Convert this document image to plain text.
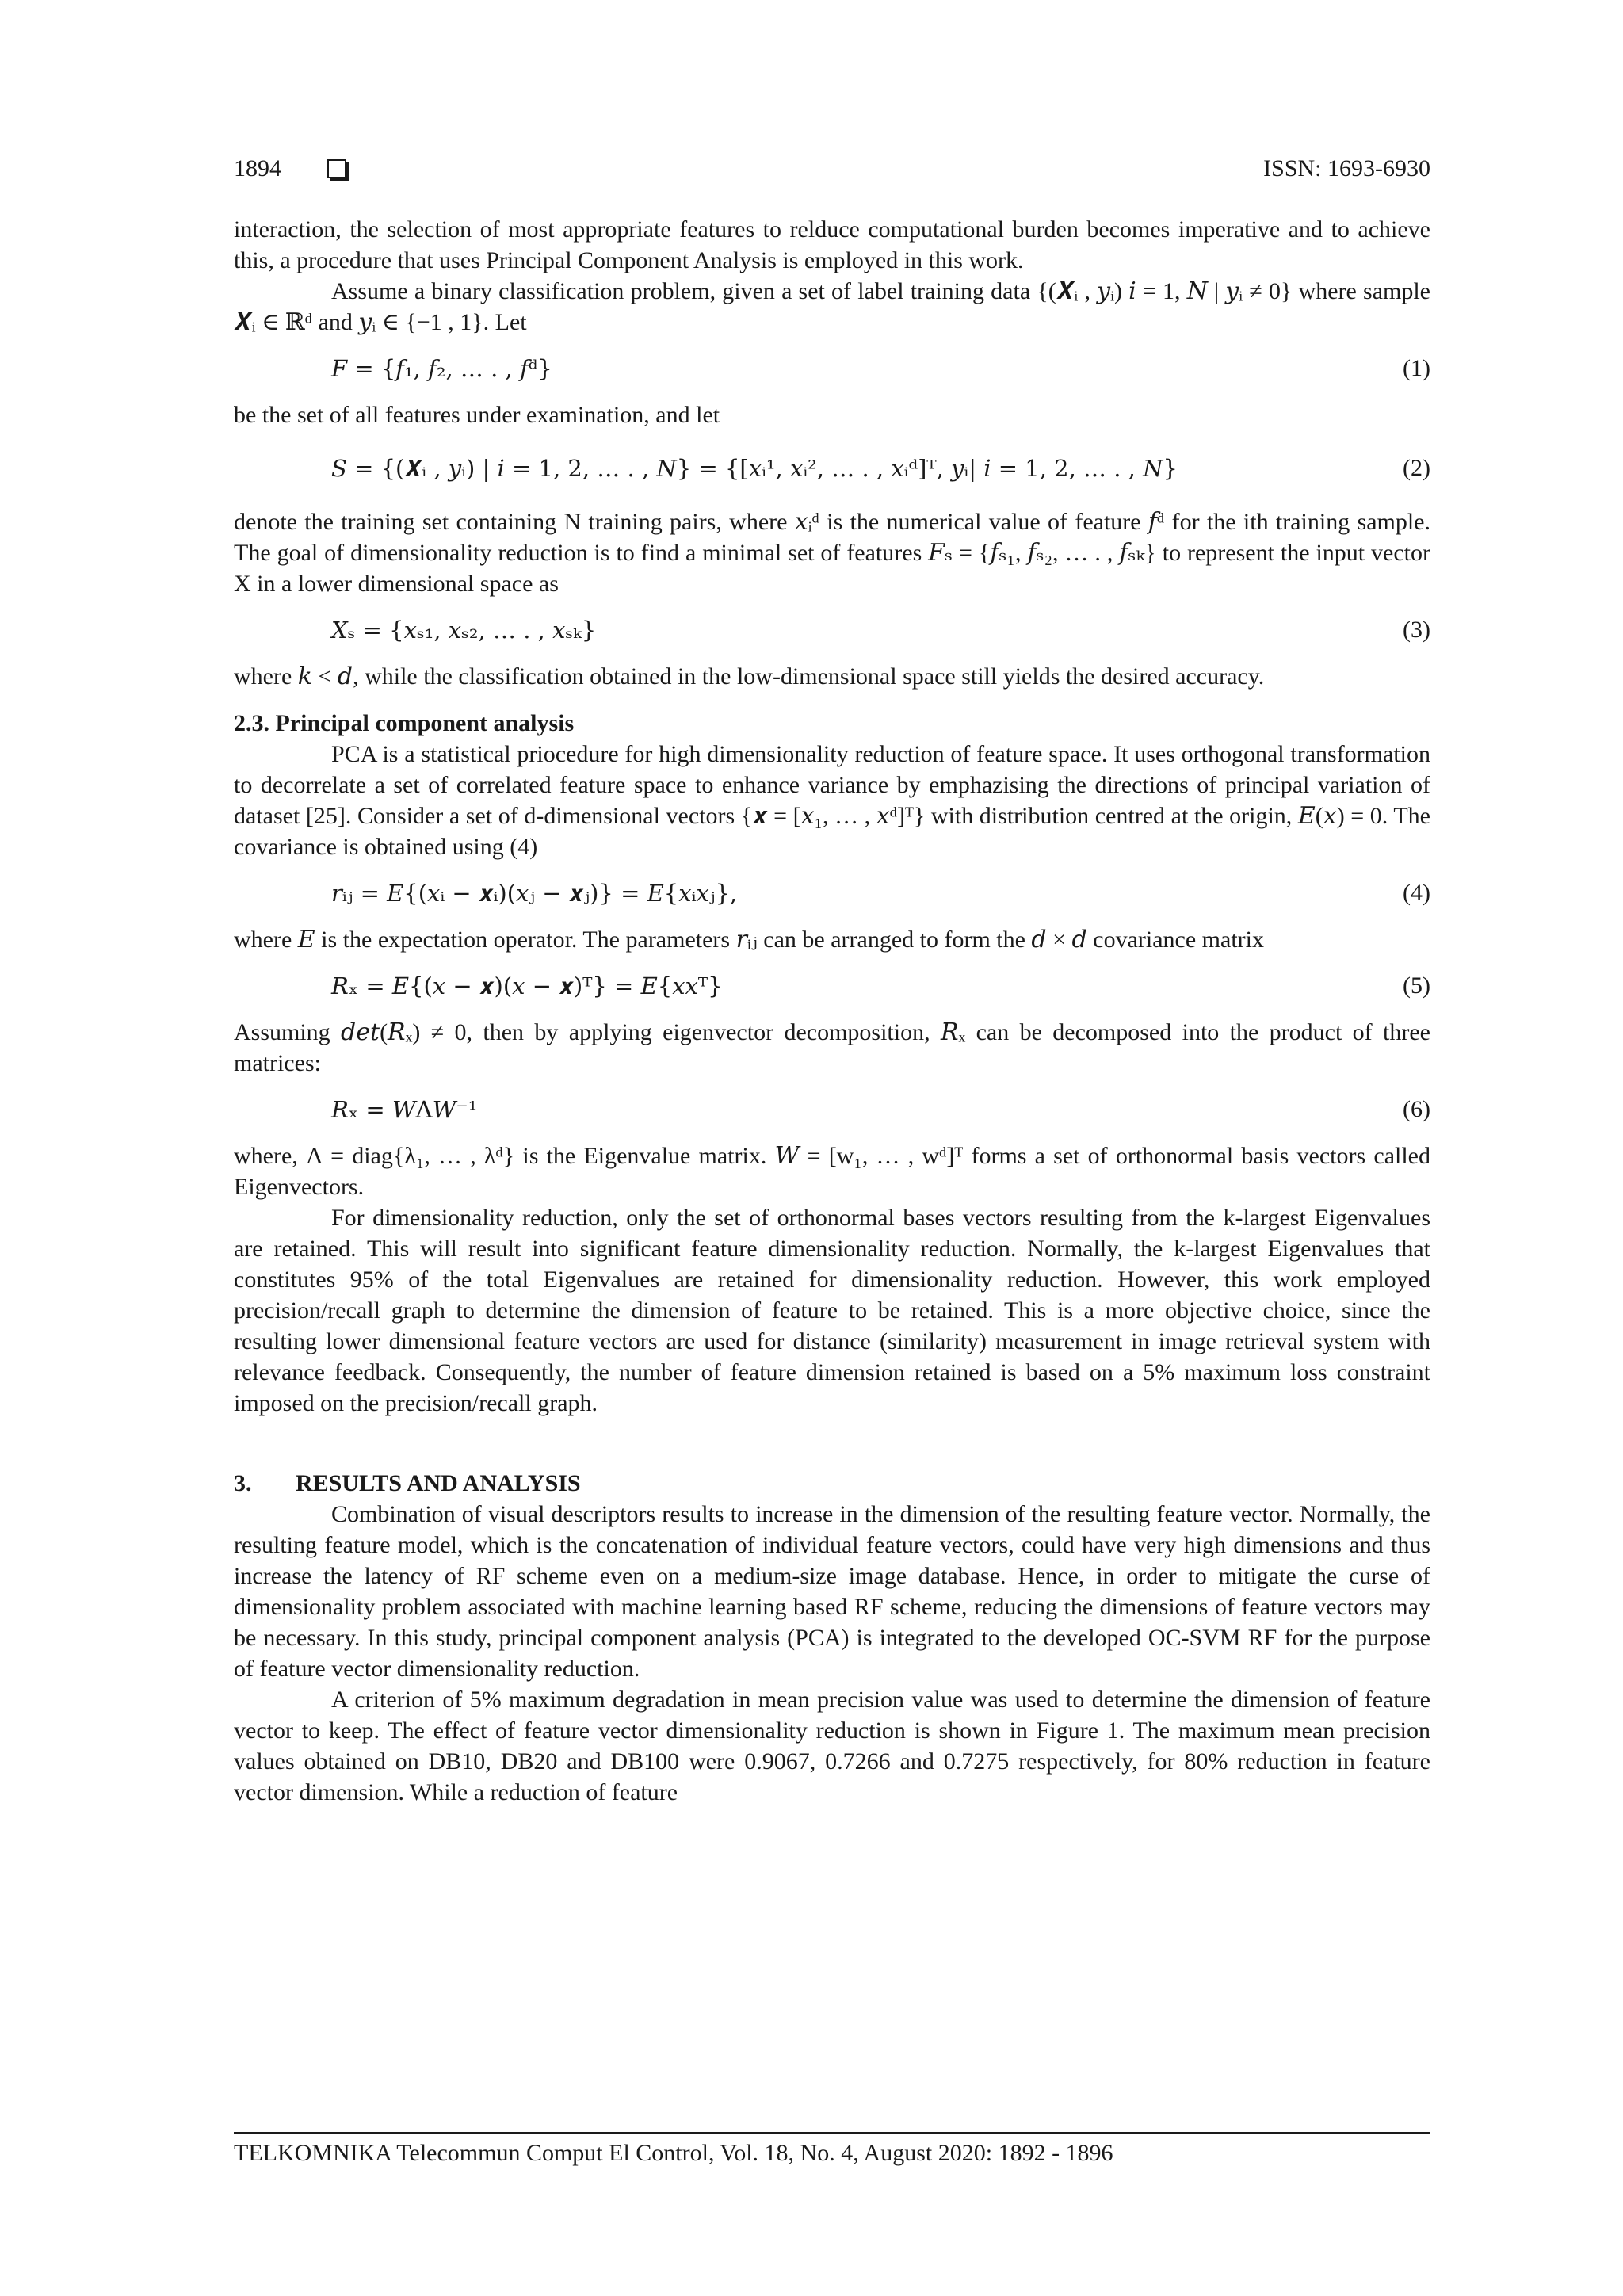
1894	ISSN: 1693-6930

interaction, the selection of most appropriate features to relduce computational burden becomes imperative and to achieve this, a procedure that uses Principal Component Analysis is employed in this work.

Assume a binary classification problem, given a set of label training data {(𝑿ᵢ , 𝑦ᵢ) 𝑖 = 1, 𝑁 | 𝑦ᵢ ≠ 0} where sample 𝑿ᵢ ∈ ℝᵈ and 𝑦ᵢ ∈ {−1 , 1}. Let

𝐹 = {𝑓₁, 𝑓₂, … . , 𝑓ᵈ}	(1)

be the set of all features under examination, and let

𝑆 = {(𝑿ᵢ , 𝑦ᵢ) | 𝑖 = 1, 2, … . , 𝑁} = {[𝑥ᵢ¹, 𝑥ᵢ², … . , 𝑥ᵢᵈ]ᵀ, 𝑦ᵢ| 𝑖 = 1, 2, … . , 𝑁}	(2)

denote the training set containing N training pairs, where 𝑥ᵢᵈ is the numerical value of feature 𝑓ᵈ for the ith training sample. The goal of dimensionality reduction is to find a minimal set of features 𝐹ₛ = {𝑓ₛ₁, 𝑓ₛ₂, … . , 𝑓ₛₖ} to represent the input vector X in a lower dimensional space as

𝑋ₛ = {𝑥ₛ₁, 𝑥ₛ₂, … . , 𝑥ₛₖ}	(3)

where 𝑘 < 𝑑, while the classification obtained in the low-dimensional space still yields the desired accuracy.

2.3. Principal component analysis

PCA is a statistical priocedure for high dimensionality reduction of feature space. It uses orthogonal transformation to decorrelate a set of correlated feature space to enhance variance by emphazising the directions of principal variation of dataset [25]. Consider a set of d-dimensional vectors {𝒙 = [𝑥₁, … , 𝑥ᵈ]ᵀ} with distribution centred at the origin, 𝐸(𝑥) = 0. The covariance is obtained using (4)

𝑟ᵢⱼ = 𝐸{(𝑥ᵢ − 𝒙ᵢ)(𝑥ⱼ − 𝒙ⱼ)} = 𝐸{𝑥ᵢ𝑥ⱼ},	(4)

where 𝐸 is the expectation operator. The parameters 𝑟ᵢⱼ can be arranged to form the 𝑑 × 𝑑 covariance matrix

𝑅ₓ = 𝐸{(𝑥 − 𝒙)(𝑥 − 𝒙)ᵀ} = 𝐸{𝑥𝑥ᵀ}	(5)

Assuming 𝑑𝑒𝑡(𝑅ₓ) ≠ 0, then by applying eigenvector decomposition, 𝑅ₓ can be decomposed into the product of three matrices:

𝑅ₓ = 𝑊Λ𝑊⁻¹	(6)

where, Λ = diag{λ₁, … , λᵈ} is the Eigenvalue matrix. 𝑊 = [w₁, … , wᵈ]ᵀ forms a set of orthonormal basis vectors called Eigenvectors.

For dimensionality reduction, only the set of orthonormal bases vectors resulting from the k-largest Eigenvalues are retained. This will result into significant feature dimensionality reduction. Normally, the k-largest Eigenvalues that constitutes 95% of the total Eigenvalues are retained for dimensionality reduction. However, this work employed precision/recall graph to determine the dimension of feature to be retained. This is a more objective choice, since the resulting lower dimensional feature vectors are used for distance (similarity) measurement in image retrieval system with relevance feedback. Consequently, the number of feature dimension retained is based on a 5% maximum loss constraint imposed on the precision/recall graph.

3. RESULTS AND ANALYSIS

Combination of visual descriptors results to increase in the dimension of the resulting feature vector. Normally, the resulting feature model, which is the concatenation of individual feature vectors, could have very high dimensions and thus increase the latency of RF scheme even on a medium-size image database. Hence, in order to mitigate the curse of dimensionality problem associated with machine learning based RF scheme, reducing the dimensions of feature vectors may be necessary. In this study, principal component analysis (PCA) is integrated to the developed OC-SVM RF for the purpose of feature vector dimensionality reduction.

A criterion of 5% maximum degradation in mean precision value was used to determine the dimension of feature vector to keep. The effect of feature vector dimensionality reduction is shown in Figure 1. The maximum mean precision values obtained on DB10, DB20 and DB100 were 0.9067, 0.7266 and 0.7275 respectively, for 80% reduction in feature vector dimension. While a reduction of feature

TELKOMNIKA Telecommun Comput El Control, Vol. 18, No. 4, August 2020: 1892 - 1896
